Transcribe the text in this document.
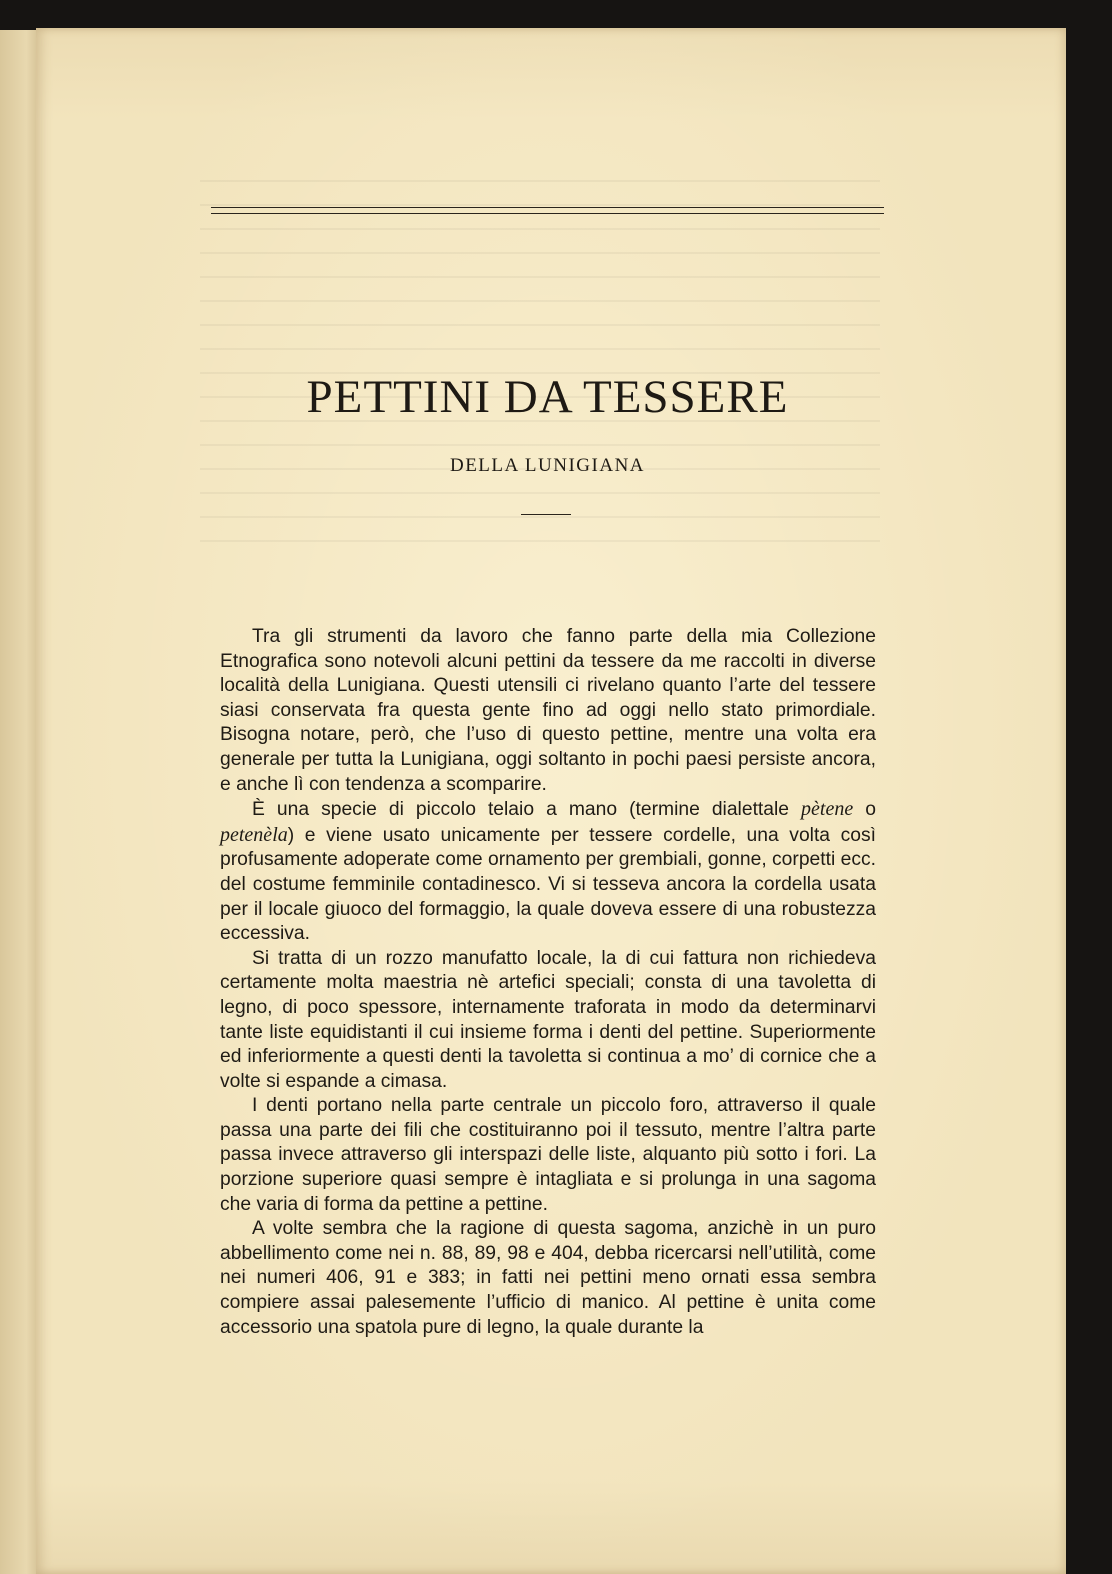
PETTINI DA TESSERE
DELLA LUNIGIANA

Tra gli strumenti da lavoro che fanno parte della mia Collezione Etnografica sono notevoli alcuni pettini da tessere da me raccolti in diverse località della Lunigiana. Questi utensili ci rivelano quanto l’arte del tessere siasi conservata fra questa gente fino ad oggi nello stato primordiale. Bisogna notare, però, che l’uso di questo pettine, mentre una volta era generale per tutta la Lunigiana, oggi soltanto in pochi paesi persiste ancora, e anche lì con tendenza a scomparire.

È una specie di piccolo telaio a mano (termine dialettale pètene o petenèla) e viene usato unicamente per tessere cordelle, una volta così profusamente adoperate come ornamento per grembiali, gonne, corpetti ecc. del costume femminile contadinesco. Vi si tesseva ancora la cordella usata per il locale giuoco del formaggio, la quale doveva essere di una robustezza eccessiva.

Si tratta di un rozzo manufatto locale, la di cui fattura non richiedeva certamente molta maestria nè artefici speciali; consta di una tavoletta di legno, di poco spessore, internamente traforata in modo da determinarvi tante liste equidistanti il cui insieme forma i denti del pettine. Superiormente ed inferiormente a questi denti la tavoletta si continua a mo’ di cornice che a volte si espande a cimasa.

I denti portano nella parte centrale un piccolo foro, attraverso il quale passa una parte dei fili che costituiranno poi il tessuto, mentre l’altra parte passa invece attraverso gli interspazi delle liste, alquanto più sotto i fori. La porzione superiore quasi sempre è intagliata e si prolunga in una sagoma che varia di forma da pettine a pettine.

A volte sembra che la ragione di questa sagoma, anzichè in un puro abbellimento come nei n. 88, 89, 98 e 404, debba ricercarsi nell’utilità, come nei numeri 406, 91 e 383; in fatti nei pettini meno ornati essa sembra compiere assai palesemente l’ufficio di manico. Al pettine è unita come accessorio una spatola pure di legno, la quale durante la
